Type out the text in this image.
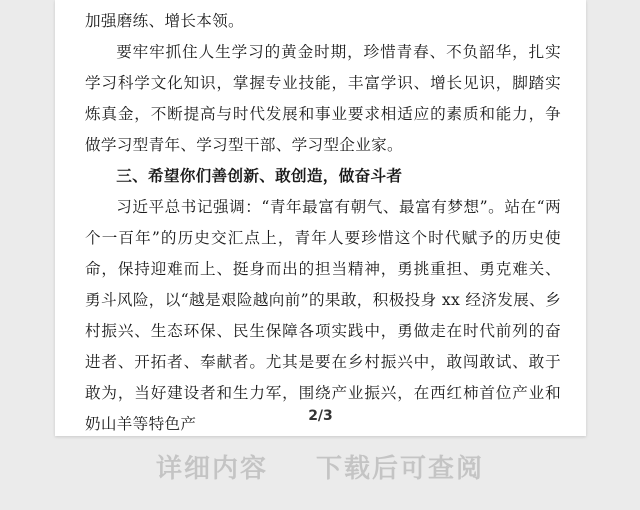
加强磨练、增长本领。

要牢牢抓住人生学习的黄金时期，珍惜青春、不负韶华，扎实学习科学文化知识，掌握专业技能，丰富学识、增长见识，脚踏实炼真金，不断提高与时代发展和事业要求相适应的素质和能力，争做学习型青年、学习型干部、学习型企业家。

三、希望你们善创新、敢创造，做奋斗者

习近平总书记强调：“青年最富有朝气、最富有梦想”。站在“两个一百年”的历史交汇点上，青年人要珍惜这个时代赋予的历史使命，保持迎难而上、挺身而出的担当精神，勇挑重担、勇克难关、勇斗风险，以“越是艰险越向前”的果敢，积极投身 xx 经济发展、乡村振兴、生态环保、民生保障各项实践中，勇做走在时代前列的奋进者、开拓者、奉献者。尤其是要在乡村振兴中，敢闯敢试、敢于敢为，当好建设者和生力军，围绕产业振兴，在西红柿首位产业和奶山羊等特色产	2/3
详细内容 下载后可查阅
